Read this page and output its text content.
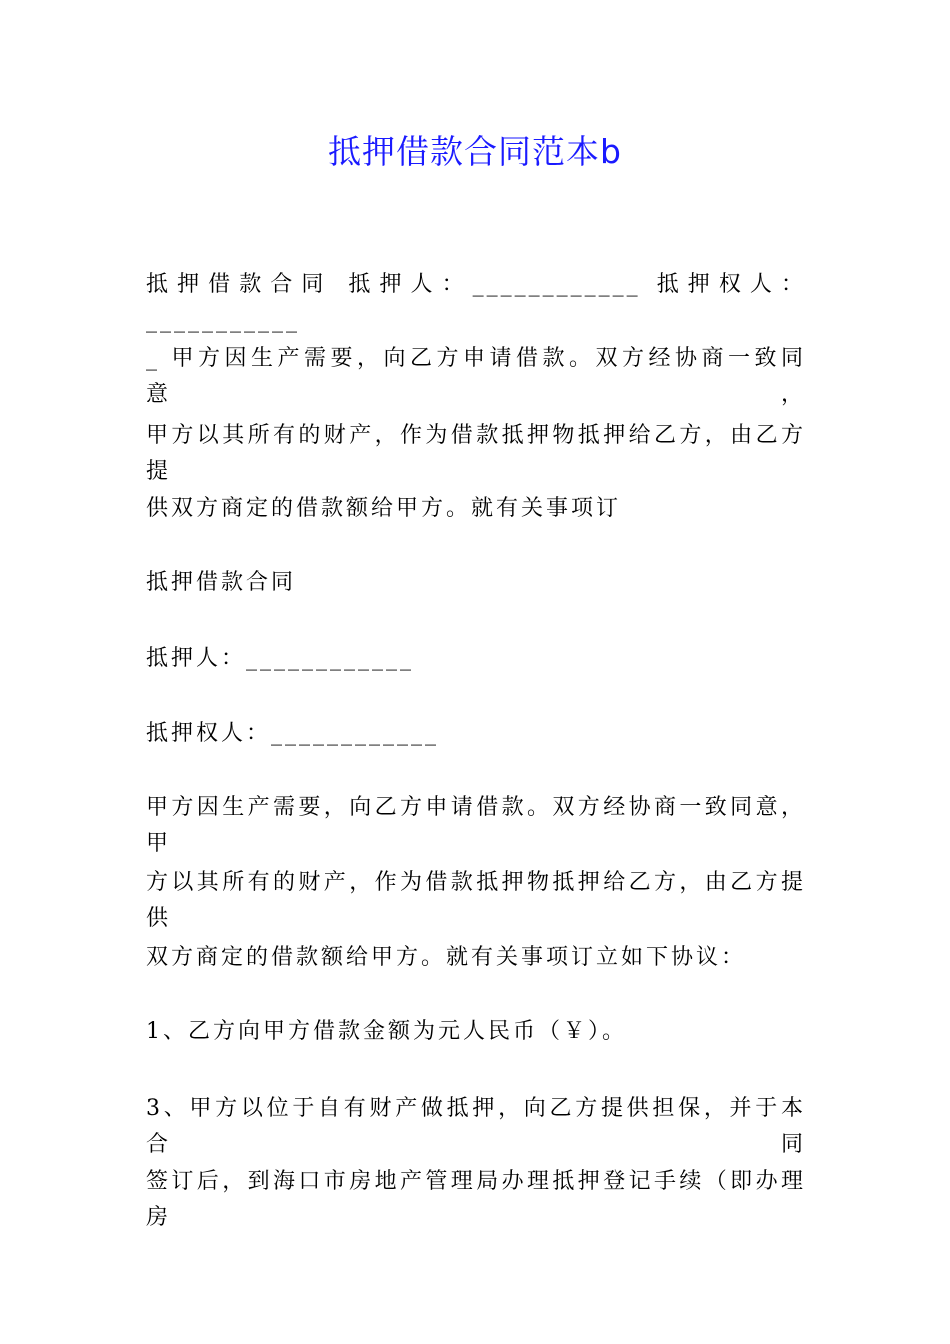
抵押借款合同范本b
抵押借款合同 抵押人：____________ 抵押权人：___________
_ 甲方因生产需要，向乙方申请借款。双方经协商一致同意，
甲方以其所有的财产，作为借款抵押物抵押给乙方，由乙方提
供双方商定的借款额给甲方。就有关事项订
抵押借款合同
抵押人：____________
抵押权人：____________
甲方因生产需要，向乙方申请借款。双方经协商一致同意，甲
方以其所有的财产，作为借款抵押物抵押给乙方，由乙方提供
双方商定的借款额给甲方。就有关事项订立如下协议：
1、乙方向甲方借款金额为元人民币（￥）。
3、甲方以位于自有财产做抵押，向乙方提供担保，并于本合同
签订后，到海口市房地产管理局办理抵押登记手续（即办理房
